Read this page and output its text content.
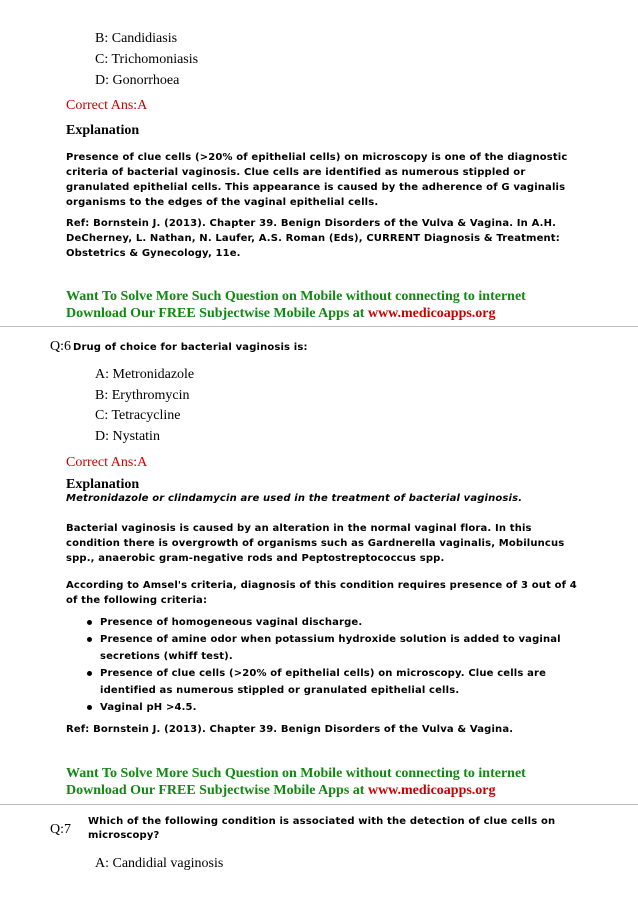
B: Candidiasis
C: Trichomoniasis
D: Gonorrhoea
Correct Ans:A
Explanation
Presence of clue cells (>20% of epithelial cells) on microscopy is one of the diagnostic criteria of bacterial vaginosis. Clue cells are identified as numerous stippled or granulated epithelial cells. This appearance is caused by the adherence of G vaginalis organisms to the edges of the vaginal epithelial cells.
Ref: Bornstein J. (2013). Chapter 39. Benign Disorders of the Vulva & Vagina. In A.H. DeCherney, L. Nathan, N. Laufer, A.S. Roman (Eds), CURRENT Diagnosis & Treatment: Obstetrics & Gynecology, 11e.
Want To Solve More Such Question on Mobile without connecting to internet
Download Our FREE Subjectwise Mobile Apps at www.medicoapps.org
Q:6 Drug of choice for bacterial vaginosis is:
A: Metronidazole
B: Erythromycin
C: Tetracycline
D: Nystatin
Correct Ans:A
Explanation
Metronidazole or clindamycin are used in the treatment of bacterial vaginosis.
Bacterial vaginosis is caused by an alteration in the normal vaginal flora. In this condition there is overgrowth of organisms such as Gardnerella vaginalis, Mobiluncus spp., anaerobic gram-negative rods and Peptostreptococcus spp.
According to Amsel's criteria, diagnosis of this condition requires presence of 3 out of 4 of the following criteria:
Presence of homogeneous vaginal discharge.
Presence of amine odor when potassium hydroxide solution is added to vaginal secretions (whiff test).
Presence of clue cells (>20% of epithelial cells) on microscopy. Clue cells are identified as numerous stippled or granulated epithelial cells.
Vaginal pH >4.5.
Ref: Bornstein J. (2013). Chapter 39. Benign Disorders of the Vulva & Vagina.
Want To Solve More Such Question on Mobile without connecting to internet
Download Our FREE Subjectwise Mobile Apps at www.medicoapps.org
Q:7
Which of the following condition is associated with the detection of clue cells on microscopy?
A: Candidial vaginosis
